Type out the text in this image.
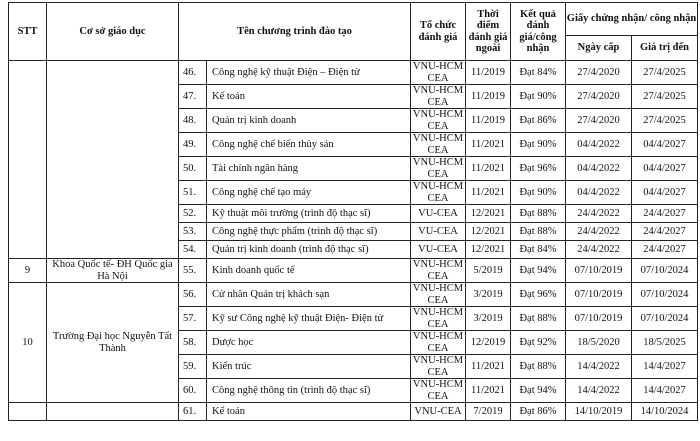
STT	Cơ sở giáo dục	Tên chương trình đào tạo		Tổ chức đánh giá	Thời điểm đánh giá ngoài	Kết quả đánh giá/công nhận	Giấy chứng nhận/ công nhận	
							Ngày cấp	Giá trị đến
		46.	Công nghệ kỹ thuật Điện – Điện tử	VNU-HCM CEA	11/2019	Đạt 84%	27/4/2020	27/4/2025
		47.	Kế toán	VNU-HCM CEA	11/2019	Đạt 90%	27/4/2020	27/4/2025
		48.	Quản trị kinh doanh	VNU-HCM CEA	11/2019	Đạt 86%	27/4/2020	27/4/2025
		49.	Công nghệ chế biến thủy sản	VNU-HCM CEA	11/2021	Đạt 90%	04/4/2022	04/4/2027
		50.	Tài chính ngân hàng	VNU-HCM CEA	11/2021	Đạt 96%	04/4/2022	04/4/2027
		51.	Công nghệ chế tạo máy	VNU-HCM CEA	11/2021	Đạt 90%	04/4/2022	04/4/2027
		52.	Kỹ thuật môi trường (trình độ thạc sĩ)	VU-CEA	12/2021	Đạt 88%	24/4/2022	24/4/2027
		53.	Công nghệ thực phẩm (trình độ thạc sĩ)	VU-CEA	12/2021	Đạt 88%	24/4/2022	24/4/2027
		54.	Quản trị kinh doanh (trình độ thạc sĩ)	VU-CEA	12/2021	Đạt 84%	24/4/2022	24/4/2027
9	Khoa Quốc tế- ĐH Quốc gia Hà Nội	55.	Kinh doanh quốc tế	VNU-HCM CEA	5/2019	Đạt 94%	07/10/2019	07/10/2024
10	Trường Đại học Nguyễn Tất Thành	56.	Cử nhân Quản trị khách sạn	VNU-HCM CEA	3/2019	Đạt 96%	07/10/2019	07/10/2024
		57.	Kỹ sư Công nghệ kỹ thuật Điện- Điện tử	VNU-HCM CEA	3/2019	Đạt 88%	07/10/2019	07/10/2024
		58.	Dược học	VNU-HCM CEA	12/2019	Đạt 92%	18/5/2020	18/5/2025
		59.	Kiến trúc	VNU-HCM CEA	11/2021	Đạt 88%	14/4/2022	14/4/2027
		60.	Công nghệ thông tin (trình độ thạc sĩ)	VNU-HCM CEA	11/2021	Đạt 94%	14/4/2022	14/4/2027
		61.	Kế toán	VNU-CEA	7/2019	Đạt 86%	14/10/2019	14/10/2024
